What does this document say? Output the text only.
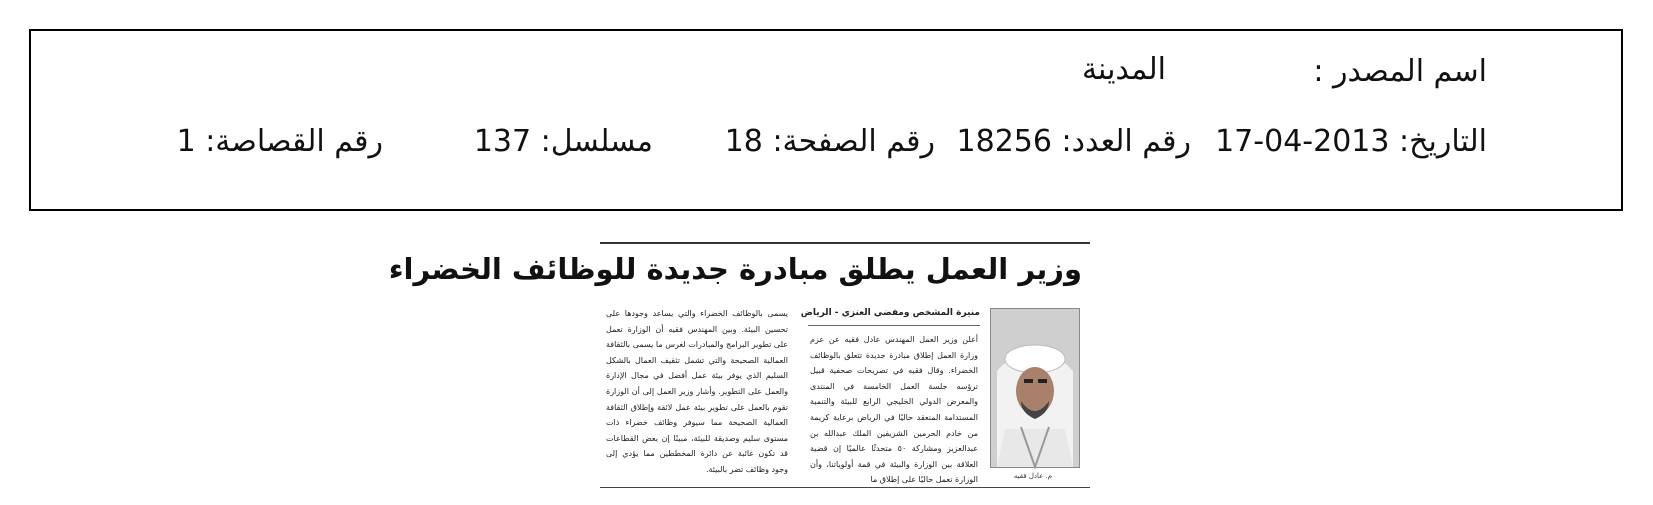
اسم المصدر :
المدينة
التاريخ: 2013-04-17
رقم العدد: 18256
رقم الصفحة: 18
مسلسل: 137
رقم القصاصة: 1
وزير العمل يطلق مبادرة جديدة للوظائف الخضراء
منيرة المشخص ومفضي العنزي - الرياض
م. عادل فقيه
أعلن وزير العمل المهندس عادل فقيه عن عزم وزارة العمل إطلاق مبادرة جديدة تتعلق بالوظائف الخضراء. وقال فقيه في تصريحات صحفية قبيل ترؤسه جلسة العمل الخامسة في المنتدى والمعرض الدولي الخليجي الرابع للبيئة والتنمية المستدامة المنعقد حاليًا في الرياض برعاية كريمة من خادم الحرمين الشريفين الملك عبدالله بن عبدالعزيز ومشاركة ٥٠ متحدثًا عالميًا إن قضية العلاقة بين الوزارة والبيئة في قمة أولوياتنا، وأن الوزارة تعمل حاليًا على إطلاق ما
يسمى بالوظائف الخضراء والتي يساعد وجودها على تحسين البيئة. وبين المهندس فقيه أن الوزارة تعمل على تطوير البرامج والمبادرات لغرس ما يسمى بالثقافة العمالية الصحيحة والتي تشمل تثقيف العمال بالشكل السليم الذي يوفر بيئة عمل أفضل في مجال الإدارة والعمل على التطوير. وأشار وزير العمل إلى أن الوزارة تقوم بالعمل على تطوير بيئة عمل لائقة وإطلاق الثقافة العمالية الصحيحة مما سيوفر وظائف خضراء ذات مستوى سليم وصديقة للبيئة، مبينًا إن بعض القطاعات قد تكون غائبة عن دائرة المخططين مما يؤدي إلى وجود وظائف تضر بالبيئة.
